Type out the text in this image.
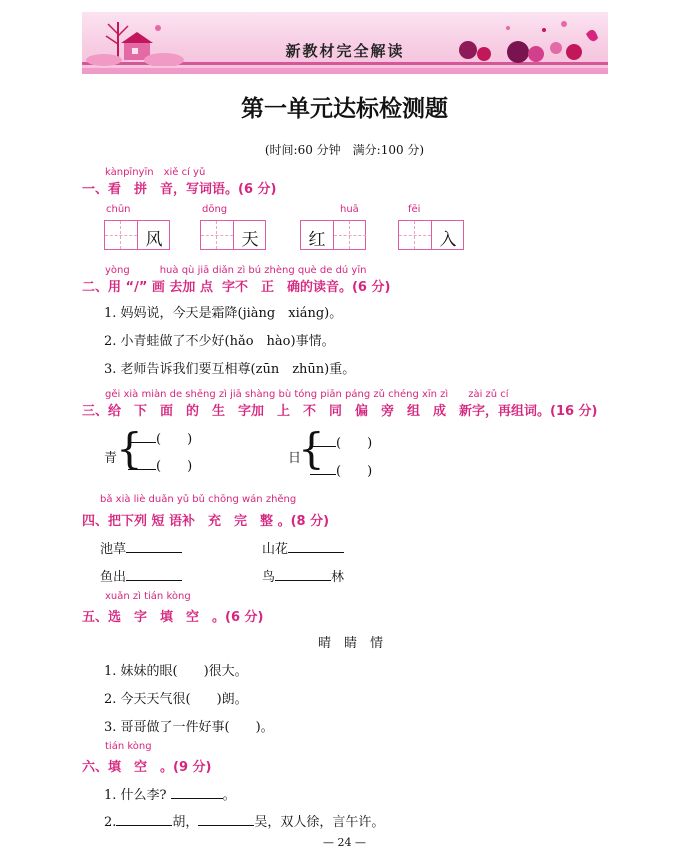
新教材完全解读
第一单元达标检测题
(时间:60 分钟　满分:100 分)
kànpīnyīn　xiě cí yǔ
一、看　拼　音，写词语。(6 分)
chūn	dōng	huā	fēi
风	天	红	入
yòng　　　huà qù jiā diǎn zì bú zhèng què de dú yīn
二、用 “/” 画 去加 点  字不　正　确的读音。(6 分)
1. 妈妈说，今天是霜降(jiàng　xiáng)。
2. 小青蛙做了不少好(hǎo　hào)事情。
3. 老师告诉我们要互相尊(zūn　zhūn)重。
gěi xià miàn de shēng zì jiā shàng bù tóng piān páng zǔ chéng xīn zì　　zài zǔ cí
三、给　下　面　的　生　字加　上　不　同　偏　旁　组　成　新字，再组词。(16 分)
青
{	(　　)
(　　)
日
{ (　　)
(　　)
bǎ xià liè duǎn yǔ bǔ chōng wán zhěng
四、把下列 短 语补　充　完　整 。(8 分)
池草	山花
鱼出	鸟	林
xuǎn zì tián kòng
五、选　字　填　空　。(6 分)
晴　睛　情
1. 妹妹的眼(　　)很大。
2. 今天天气很(　　)朗。
3. 哥哥做了一件好事(　　)。
tián kòng
六、填　空　。(9 分)
1. 什么李?	。
2.	胡，	吴，双人徐，言午许。
— 24 —
